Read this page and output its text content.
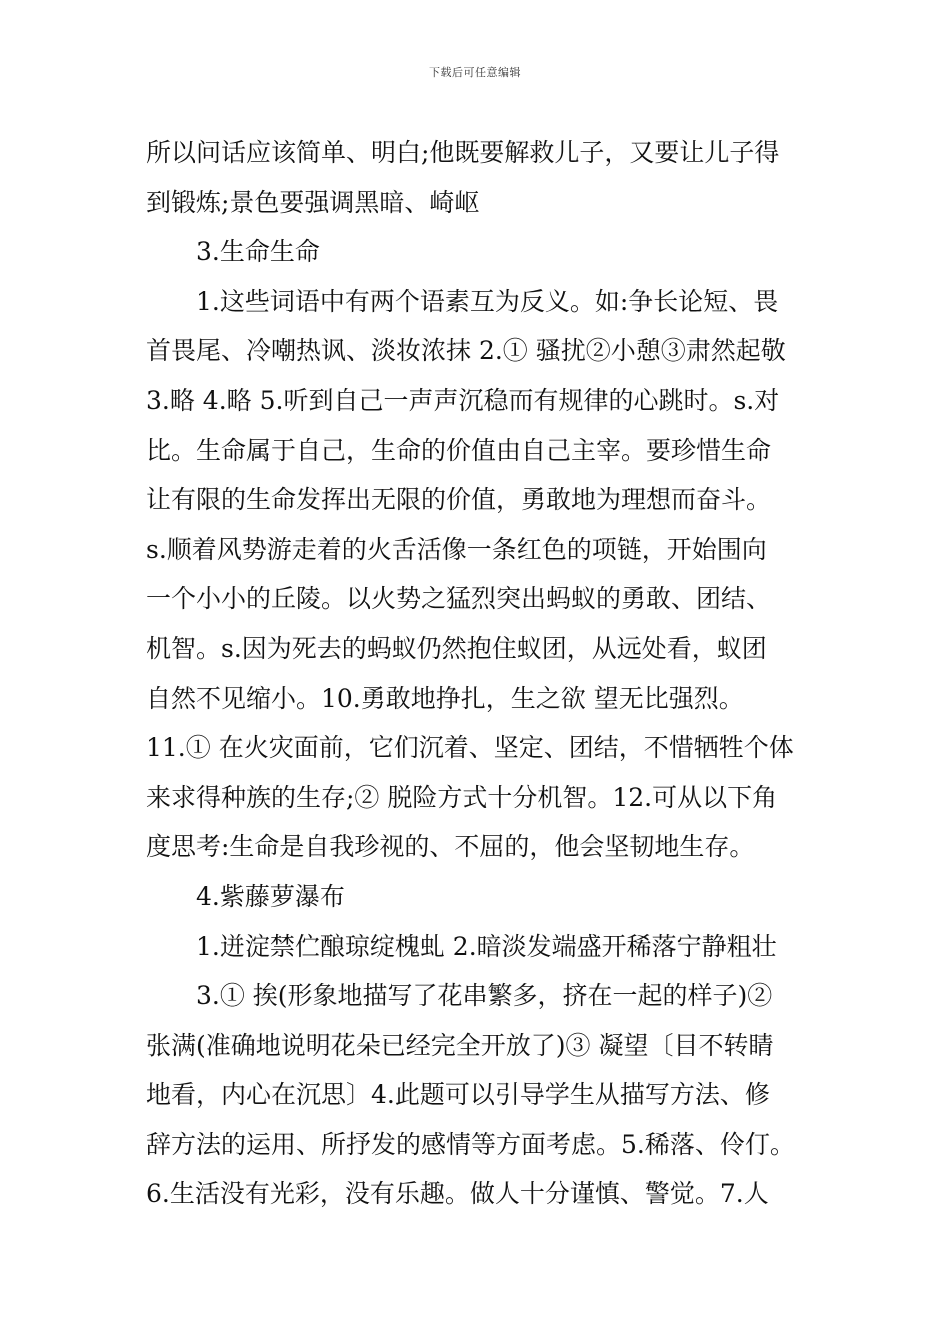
下载后可任意编辑
所以问话应该简单、明白;他既要解救儿子，又要让儿子得
到锻炼;景色要强调黑暗、崎岖
3.生命生命
1.这些词语中有两个语素互为反义。如:争长论短、畏
首畏尾、冷嘲热讽、淡妆浓抹 2.① 骚扰②小憩③肃然起敬
3.略 4.略 5.听到自己一声声沉稳而有规律的心跳时。s.对
比。生命属于自己，生命的价值由自己主宰。要珍惜生命
让有限的生命发挥出无限的价值，勇敢地为理想而奋斗。
s.顺着风势游走着的火舌活像一条红色的项链，开始围向
一个小小的丘陵。以火势之猛烈突出蚂蚁的勇敢、团结、
机智。s.因为死去的蚂蚁仍然抱住蚁团，从远处看，蚁团
自然不见缩小。10.勇敢地挣扎，生之欲 望无比强烈。
11.① 在火灾面前，它们沉着、坚定、团结，不惜牺牲个体
来求得种族的生存;② 脱险方式十分机智。12.可从以下角
度思考:生命是自我珍视的、不屈的，他会坚韧地生存。
4.紫藤萝瀑布
1.迸淀禁伫酿琼绽槐虬 2.暗淡发端盛开稀落宁静粗壮
3.① 挨(形象地描写了花串繁多，挤在一起的样子)②
张满(准确地说明花朵已经完全开放了)③ 凝望〔目不转睛
地看，内心在沉思〕4.此题可以引导学生从描写方法、修
辞方法的运用、所抒发的感情等方面考虑。5.稀落、伶仃。
6.生活没有光彩，没有乐趣。做人十分谨慎、警觉。7.人
